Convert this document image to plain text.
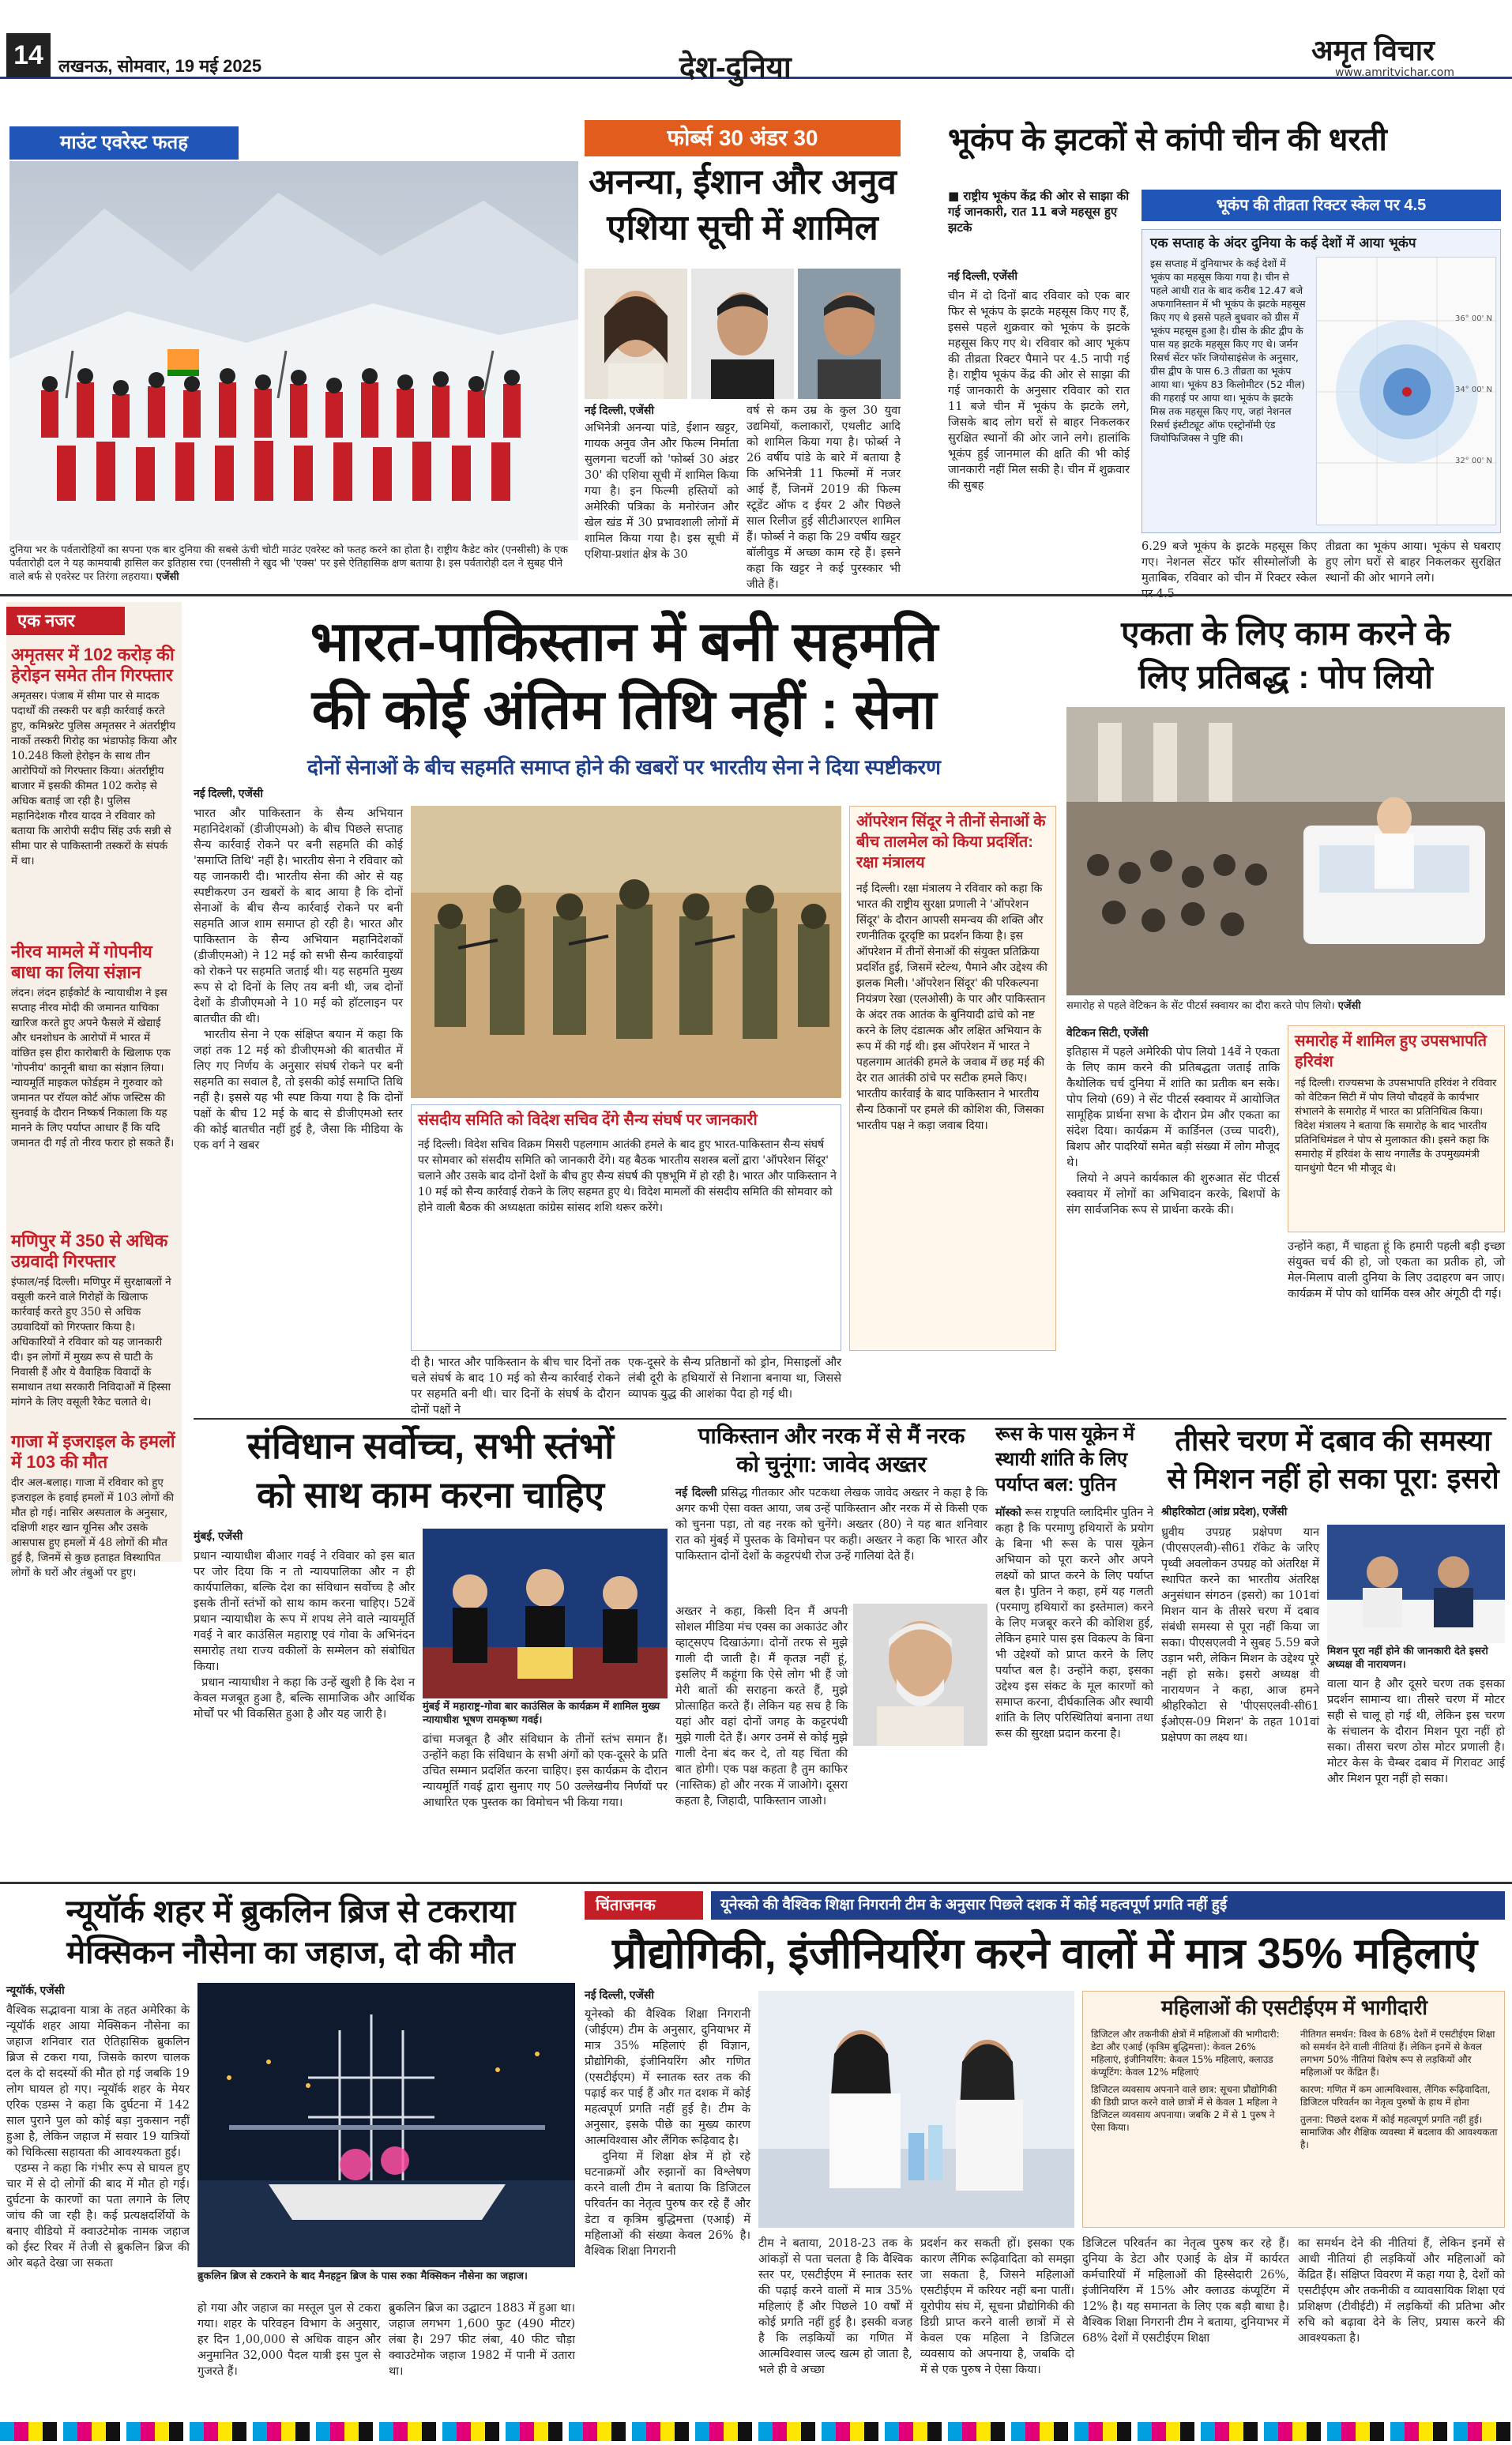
14 लखनऊ, सोमवार, 19 मई 2025	देश-दुनिया
अमृत विचार
www.amritvichar.com
माउंट एवरेस्ट फतह
दुनिया भर के पर्वतारोहियों का सपना एक बार दुनिया की सबसे ऊंची चोटी माउंट एवरेस्ट को फतह करने का होता है। राष्ट्रीय कैडेट कोर (एनसीसी) के एक पर्वतारोही दल ने यह कामयाबी हासिल कर इतिहास रचा (एनसीसी ने खुद भी 'एक्स' पर इसे ऐतिहासिक क्षण बताया है। इस पर्वतारोही दल ने सुबह पीने वाले बर्फ से एवरेस्ट पर तिरंगा लहराया। एजेंसी
फोर्ब्स 30 अंडर 30
अनन्या, ईशान और अनुव
एशिया सूची में शामिल
नई दिल्ली, एजेंसी
अभिनेत्री अनन्या पांडे, ईशान खट्टर, गायक अनुव जैन और फिल्म निर्माता सुलगना चटर्जी को 'फोर्ब्स 30 अंडर 30' की एशिया सूची में शामिल किया गया है। इन फिल्मी हस्तियों को अमेरिकी पत्रिका के मनोरंजन और खेल खंड में 30 प्रभावशाली लोगों में शामिल किया गया है। इस सूची में एशिया-प्रशांत क्षेत्र के 30
वर्ष से कम उम्र के कुल 30 युवा उद्यमियों, कलाकारों, एथलीट आदि को शामिल किया गया है। फोर्ब्स ने 26 वर्षीय पांडे के बारे में बताया है कि अभिनेत्री 11 फिल्मों में नजर आई हैं, जिनमें 2019 की फिल्म स्टूडेंट ऑफ द ईयर 2 और पिछले साल रिलीज हुई सीटीआरएल शामिल हैं। फोर्ब्स ने कहा कि 29 वर्षीय खट्टर बॉलीवुड में अच्छा काम रहे हैं। इसने कहा कि खट्टर ने कई पुरस्कार भी जीते हैं।
भूकंप के झटकों से कांपी चीन की धरती
■ राष्ट्रीय भूकंप केंद्र की ओर से साझा की गई जानकारी, रात 11 बजे महसूस हुए झटके
भूकंप की तीव्रता रिक्टर स्केल पर 4.5
नई दिल्ली, एजेंसी
चीन में दो दिनों बाद रविवार को एक बार फिर से भूकंप के झटके महसूस किए गए हैं, इससे पहले शुक्रवार को भूकंप के झटके महसूस किए गए थे। रविवार को आए भूकंप की तीव्रता रिक्टर पैमाने पर 4.5 नापी गई है। राष्ट्रीय भूकंप केंद्र की ओर से साझा की गई जानकारी के अनुसार रविवार को रात 11 बजे चीन में भूकंप के झटके लगे, जिसके बाद लोग घरों से बाहर निकलकर सुरक्षित स्थानों की ओर जाने लगे। हालांकि भूकंप हुई जानमाल की क्षति की भी कोई जानकारी नहीं मिल सकी है। चीन में शुक्रवार की सुबह
एक सप्ताह के अंदर दुनिया के कई देशों में आया भूकंप
इस सप्ताह में दुनियाभर के कई देशों में भूकंप का महसूस किया गया है। चीन से पहले आधी रात के बाद करीब 12.47 बजे अफगानिस्तान में भी भूकंप के झटके महसूस किए गए थे इससे पहले बुधवार को ग्रीस में भूकंप महसूस हुआ है। ग्रीस के क्रीट द्वीप के पास यह झटके महसूस किए गए थे। जर्मन रिसर्च सेंटर फॉर जियोसाइंसेज के अनुसार, ग्रीस द्वीप के पास 6.3 तीव्रता का भूकंप आया था। भूकंप 83 किलोमीटर (52 मील) की गहराई पर आया था। भूकंप के झटके मिस्र तक महसूस किए गए, जहां नेशनल रिसर्च इंस्टीट्यूट ऑफ एस्ट्रोनॉमी एंड जियोफिजिक्स ने पुष्टि की।
36° 00' N
34° 00' N
32° 00' N
6.29 बजे भूकंप के झटके महसूस किए गए। नेशनल सेंटर फॉर सीस्मोलॉजी के मुताबिक, रविवार को चीन में रिक्टर स्केल
तीव्रता का भूकंप आया। भूकंप से घबराए हुए लोग घरों से बाहर निकलकर सुरक्षित स्थानों की ओर भागने लगे।
एक नजर
अमृतसर में 102 करोड़ की हेरोइन समेत तीन गिरफ्तार
अमृतसर। पंजाब में सीमा पार से मादक पदार्थों की तस्करी पर बड़ी कार्रवाई करते हुए, कमिश्नरेट पुलिस अमृतसर ने अंतर्राष्ट्रीय नार्को तस्करी गिरोह का भंडाफोड़ किया और 10.248 किलो हेरोइन के साथ तीन आरोपियों को गिरफ्तार किया। अंतर्राष्ट्रीय बाजार में इसकी कीमत 102 करोड़ से अधिक बताई जा रही है। पुलिस महानिदेशक गौरव यादव ने रविवार को बताया कि आरोपी सदीप सिंह उर्फ सन्नी से सीमा पार से पाकिस्तानी तस्करों के संपर्क में था।
नीरव मामले में गोपनीय बाधा का लिया संज्ञान
लंदन। लंदन हाईकोर्ट के न्यायाधीश ने इस सप्ताह नीरव मोदी की जमानत याचिका खारिज करते हुए अपने फैसले में खेद्याई और धनशोधन के आरोपों में भारत में वांछित इस हीरा कारोबारी के खिलाफ एक 'गोपनीय' कानूनी बाधा का संज्ञान लिया। न्यायमूर्ति माइकल फोर्डहम ने गुरुवार को जमानत पर रॉयल कोर्ट ऑफ जस्टिस की सुनवाई के दौरान निष्कर्ष निकाला कि यह मानने के लिए पर्याप्त आधार हैं कि यदि जमानत दी गई तो नीरव फरार हो सकते हैं।
मणिपुर में 350 से अधिक उग्रवादी गिरफ्तार
इंफाल/नई दिल्ली। मणिपुर में सुरक्षाबलों ने वसूली करने वाले गिरोहों के खिलाफ कार्रवाई करते हुए 350 से अधिक उग्रवादियों को गिरफ्तार किया है। अधिकारियों ने रविवार को यह जानकारी दी। इन लोगों में मुख्य रूप से घाटी के निवासी हैं और ये वैवाहिक विवादों के समाधान तथा सरकारी निविदाओं में हिस्सा मांगने के लिए वसूली रैकेट चलाते थे।
गाजा में इजराइल के हमलों में 103 की मौत
दीर अल-बलाह। गाजा में रविवार को हुए इजराइल के हवाई हमलों में 103 लोगों की मौत हो गई। नासिर अस्पताल के अनुसार, दक्षिणी शहर खान यूनिस और उसके आसपास हुए हमलों में 48 लोगों की मौत हुई है, जिनमें से कुछ हताहत विस्थापित लोगों के घरों और तंबुओं पर हुए।
भारत-पाकिस्तान में बनी सहमति
की कोई अंतिम तिथि नहीं : सेना
दोनों सेनाओं के बीच सहमति समाप्त होने की खबरों पर भारतीय सेना ने दिया स्पष्टीकरण
नई दिल्ली, एजेंसी
भारत और पाकिस्तान के सैन्य अभियान महानिदेशकों (डीजीएमओ) के बीच पिछले सप्ताह सैन्य कार्रवाई रोकने पर बनी सहमति की कोई 'समाप्ति तिथि' नहीं है। भारतीय सेना ने रविवार को यह जानकारी दी। भारतीय सेना की ओर से यह स्पष्टीकरण उन खबरों के बाद आया है कि दोनों सेनाओं के बीच सैन्य कार्रवाई रोकने पर बनी सहमति आज शाम समाप्त हो रही है। भारत और पाकिस्तान के सैन्य अभियान महानिदेशकों (डीजीएमओ) ने 12 मई को सभी सैन्य कार्रवाइयों को रोकने पर सहमति जताई थी। यह सहमति मुख्य रूप से दो दिनों के लिए तय बनी थी, जब दोनों देशों के डीजीएमओ ने 10 मई को हॉटलाइन पर बातचीत की थी।
भारतीय सेना ने एक संक्षिप्त बयान में कहा कि जहां तक 12 मई को डीजीएमओ की बातचीत में लिए गए निर्णय के अनुसार संघर्ष रोकने पर बनी सहमति का सवाल है, तो इसकी कोई समाप्ति तिथि नहीं है। इससे यह भी स्पष्ट किया गया है कि दोनों पक्षों के बीच 12 मई के बाद से डीजीएमओ स्तर की कोई बातचीत नहीं हुई है, जैसा कि मीडिया के एक वर्ग ने खबर
ऑपरेशन सिंदूर ने तीनों सेनाओं के बीच तालमेल को किया प्रदर्शित: रक्षा मंत्रालय
नई दिल्ली। रक्षा मंत्रालय ने रविवार को कहा कि भारत की राष्ट्रीय सुरक्षा प्रणाली ने 'ऑपरेशन सिंदूर' के दौरान आपसी समन्वय की शक्ति और रणनीतिक दूरदृष्टि का प्रदर्शन किया है। इस ऑपरेशन में तीनों सेनाओं की संयुक्त प्रतिक्रिया प्रदर्शित हुई, जिसमें स्टेल्थ, पैमाने और उद्देश्य की झलक मिली। 'ऑपरेशन सिंदूर' की परिकल्पना नियंत्रण रेखा (एलओसी) के पार और पाकिस्तान के अंदर तक आतंक के बुनियादी ढांचे को नष्ट करने के लिए दंडात्मक और लक्षित अभियान के रूप में की गई थी। इस ऑपरेशन में भारत ने पहलगाम आतंकी हमले के जवाब में छह मई की देर रात आतंकी ठांचे पर सटीक हमले किए। भारतीय कार्रवाई के बाद पाकिस्तान ने भारतीय सैन्य ठिकानों पर हमले की कोशिश की, जिसका भारतीय पक्ष ने कड़ा जवाब दिया।
संसदीय समिति को विदेश सचिव देंगे सैन्य संघर्ष पर जानकारी
नई दिल्ली। विदेश सचिव विक्रम मिसरी पहलगाम आतंकी हमले के बाद हुए भारत-पाकिस्तान सैन्य संघर्ष पर सोमवार को संसदीय समिति को जानकारी देंगे। यह बैठक भारतीय सशस्त्र बलों द्वारा 'ऑपरेशन सिंदूर' चलाने और उसके बाद दोनों देशों के बीच हुए सैन्य संघर्ष की पृष्ठभूमि में हो रही है। भारत और पाकिस्तान ने 10 मई को सैन्य कार्रवाई रोकने के लिए सहमत हुए थे। विदेश मामलों की संसदीय समिति की सोमवार को होने वाली बैठक की अध्यक्षता कांग्रेस सांसद शशि थरूर करेंगे।
दी है। भारत और पाकिस्तान के बीच चार दिनों तक चले संघर्ष के बाद 10 मई को सैन्य कार्रवाई रोकने पर सहमति बनी थी। चार दिनों के संघर्ष के दौरान दोनों पक्षों ने
एक-दूसरे के सैन्य प्रतिष्ठानों को ड्रोन, मिसाइलों और लंबी दूरी के हथियारों से निशाना बनाया था, जिससे व्यापक युद्ध की आशंका पैदा हो गई थी।
एकता के लिए काम करने के
लिए प्रतिबद्ध : पोप लियो
समारोह से पहले वेटिकन के सेंट पीटर्स स्क्वायर का दौरा करते पोप लियो। एजेंसी
वेटिकन सिटी, एजेंसी
इतिहास में पहले अमेरिकी पोप लियो 14वें ने एकता के लिए काम करने की प्रतिबद्धता जताई ताकि कैथोलिक चर्च दुनिया में शांति का प्रतीक बन सके। पोप लियो (69) ने सेंट पीटर्स स्क्वायर में आयोजित सामूहिक प्रार्थना सभा के दौरान प्रेम और एकता का संदेश दिया। कार्यक्रम में कार्डिनल (उच्च पादरी), बिशप और पादरियों समेत बड़ी संख्या में लोग मौजूद थे।
लियो ने अपने कार्यकाल की शुरुआत सेंट पीटर्स स्क्वायर में लोगों का अभिवादन करके, बिशपों के संग सार्वजनिक रूप से प्रार्थना करके की।
समारोह में शामिल हुए उपसभापति हरिवंश
नई दिल्ली। राज्यसभा के उपसभापति हरिवंश ने रविवार को वेटिकन सिटी में पोप लियो चौदहवें के कार्यभार संभालने के समारोह में भारत का प्रतिनिधित्व किया। विदेश मंत्रालय ने बताया कि समारोह के बाद भारतीय प्रतिनिधिमंडल ने पोप से मुलाकात की। इसने कहा कि समारोह में हरिवंश के साथ नगालैंड के उपमुख्यमंत्री यानथुंगो पैटन भी मौजूद थे।
उन्होंने कहा, मैं चाहता हूं कि हमारी पहली बड़ी इच्छा संयुक्त चर्च की हो, जो एकता का प्रतीक हो, जो मेल-मिलाप वाली दुनिया के लिए उदाहरण बन जाए। कार्यक्रम में पोप को धार्मिक वस्त्र और अंगूठी दी गई।
संविधान सर्वोच्च, सभी स्तंभों
को साथ काम करना चाहिए
मुंबई, एजेंसी
प्रधान न्यायाधीश बीआर गवई ने रविवार को इस बात पर जोर दिया कि न तो न्यायपालिका और न ही कार्यपालिका, बल्कि देश का संविधान सर्वोच्च है और इसके तीनों स्तंभों को साथ काम करना चाहिए। 52वें प्रधान न्यायाधीश के रूप में शपथ लेने वाले न्यायमूर्ति गवई ने बार काउंसिल महाराष्ट्र एवं गोवा के अभिनंदन समारोह तथा राज्य वकीलों के सम्मेलन को संबोधित किया।
प्रधान न्यायाधीश ने कहा कि उन्हें खुशी है कि देश न केवल मजबूत हुआ है, बल्कि सामाजिक और आर्थिक मोर्चों पर भी विकसित हुआ है और यह जारी है।
मुंबई में महाराष्ट्र-गोवा बार काउंसिल के कार्यक्रम में शामिल मुख्य न्यायाधीश भूषण रामकृष्ण गवई।
ढांचा मजबूत है और संविधान के तीनों स्तंभ समान हैं। उन्होंने कहा कि संविधान के सभी अंगों को एक-दूसरे के प्रति उचित सम्मान प्रदर्शित करना चाहिए। इस कार्यक्रम के दौरान न्यायमूर्ति गवई द्वारा सुनाए गए 50 उल्लेखनीय निर्णयों पर आधारित एक पुस्तक का विमोचन भी किया गया।
पाकिस्तान और नरक में से मैं नरक
को चुनूंगा: जावेद अख्तर
नई दिल्ली प्रसिद्ध गीतकार और पटकथा लेखक जावेद अख्तर ने कहा है कि अगर कभी ऐसा वक्त आया, जब उन्हें पाकिस्तान और नरक में से किसी एक को चुनना पड़ा, तो वह नरक को चुनेंगे। अख्तर (80) ने यह बात शनिवार रात को मुंबई में पुस्तक के विमोचन पर कही। अख्तर ने कहा कि भारत और पाकिस्तान दोनों देशों के कट्टरपंथी रोज उन्हें गालियां देते हैं।
अख्तर ने कहा, किसी दिन मैं अपनी सोशल मीडिया मंच एक्स का अकाउंट और व्हाट्सएप दिखाऊंगा। दोनों तरफ से मुझे गाली दी जाती है। मैं कृतज्ञ नहीं हूं, इसलिए मैं कहूंगा कि ऐसे लोग भी हैं जो मेरी बातों की सराहना करते हैं, मुझे प्रोत्साहित करते हैं। लेकिन यह सच है कि यहां और वहां दोनों जगह के कट्टरपंथी मुझे गाली देते हैं। अगर उनमें से कोई मुझे गाली देना बंद कर दे, तो यह चिंता की बात होगी। एक पक्ष कहता है तुम काफिर (नास्तिक) हो और नरक में जाओगे। दूसरा कहता है, जिहादी, पाकिस्तान जाओ।
रूस के पास यूक्रेन में स्थायी शांति के लिए पर्याप्त बल: पुतिन
मॉस्को रूस राष्ट्रपति व्लादिमीर पुतिन ने कहा है कि परमाणु हथियारों के प्रयोग के बिना भी रूस के पास यूक्रेन अभियान को पूरा करने और अपने लक्ष्यों को प्राप्त करने के लिए पर्याप्त बल है। पुतिन ने कहा, हमें यह गलती (परमाणु हथियारों का इस्तेमाल) करने के लिए मजबूर करने की कोशिश हुई, लेकिन हमारे पास इस विकल्प के बिना भी उद्देश्यों को प्राप्त करने के लिए पर्याप्त बल है। उन्होंने कहा, इसका उद्देश्य इस संकट के मूल कारणों को समाप्त करना, दीर्घकालिक और स्थायी शांति के लिए परिस्थितियां बनाना तथा रूस की सुरक्षा प्रदान करना है।
तीसरे चरण में दबाव की समस्या
से मिशन नहीं हो सका पूरा: इसरो
श्रीहरिकोटा (आंध्र प्रदेश), एजेंसी
ध्रुवीय उपग्रह प्रक्षेपण यान (पीएसएलवी)-सी61 रॉकेट के जरिए पृथ्वी अवलोकन उपग्रह को अंतरिक्ष में स्थापित करने का भारतीय अंतरिक्ष अनुसंधान संगठन (इसरो) का 101वां मिशन यान के तीसरे चरण में दबाव संबंधी समस्या से पूरा नहीं किया जा सका। पीएसएलवी ने सुबह 5.59 बजे उड़ान भरी, लेकिन मिशन के उद्देश्य पूरे नहीं हो सके। इसरो अध्यक्ष वी नारायणन ने कहा, आज हमने श्रीहरिकोटा से 'पीएसएलवी-सी61 ईओएस-09 मिशन' के तहत 101वां प्रक्षेपण का लक्ष्य था।
मिशन पूरा नहीं होने की जानकारी देते इसरो अध्यक्ष वी नारायणन।
वाला यान है और दूसरे चरण तक इसका प्रदर्शन सामान्य था। तीसरे चरण में मोटर सही से चालू हो गई थी, लेकिन इस चरण के संचालन के दौरान मिशन पूरा नहीं हो सका। तीसरा चरण ठोस मोटर प्रणाली है। मोटर केस के चैम्बर दबाव में गिरावट आई और मिशन पूरा नहीं हो सका।
न्यूयॉर्क शहर में ब्रुकलिन ब्रिज से टकराया
मेक्सिकन नौसेना का जहाज, दो की मौत
न्यूयॉर्क, एजेंसी
वैश्विक सद्भावना यात्रा के तहत अमेरिका के न्यूयॉर्क शहर आया मेक्सिकन नौसेना का जहाज शनिवार रात ऐतिहासिक ब्रुकलिन ब्रिज से टकरा गया, जिसके कारण चालक दल के दो सदस्यों की मौत हो गई जबकि 19 लोग घायल हो गए। न्यूयॉर्क शहर के मेयर एरिक एडम्स ने कहा कि दुर्घटना में 142 साल पुराने पुल को कोई बड़ा नुकसान नहीं हुआ है, लेकिन जहाज में सवार 19 यात्रियों को चिकित्सा सहायता की आवश्यकता हुई।
एडम्स ने कहा कि गंभीर रूप से घायल हुए चार में से दो लोगों की बाद में मौत हो गई। दुर्घटना के कारणों का पता लगाने के लिए जांच की जा रही है। कई प्रत्यक्षदर्शियों के बनाए वीडियो में क्वाउटेमोक नामक जहाज को ईस्ट रिवर में तेजी से ब्रुकलिन ब्रिज की ओर बढ़ते देखा जा सकता
ब्रुकलिन ब्रिज से टकराने के बाद मैनहट्टन ब्रिज के पास रुका मैक्सिकन नौसेना का जहाज।
हो गया और जहाज का मस्तूल पुल से टकरा गया। शहर के परिवहन विभाग के अनुसार, हर दिन 1,00,000 से अधिक वाहन और अनुमानित 32,000 पैदल यात्री इस पुल से गुजरते हैं।
ब्रुकलिन ब्रिज का उद्घाटन 1883 में हुआ था। जहाज लगभग 1,600 फुट (490 मीटर) लंबा है। 297 फीट लंबा, 40 फीट चौड़ा क्वाउटेमोक जहाज 1982 में पानी में उतारा था।
चिंताजनक	यूनेस्को की वैश्विक शिक्षा निगरानी टीम के अनुसार पिछले दशक में कोई महत्वपूर्ण प्रगति नहीं हुई
प्रौद्योगिकी, इंजीनियरिंग करने वालों में मात्र 35% महिलाएं
नई दिल्ली, एजेंसी
यूनेस्को की वैश्विक शिक्षा निगरानी (जीईएम) टीम के अनुसार, दुनियाभर में मात्र 35% महिलाएं ही विज्ञान, प्रौद्योगिकी, इंजीनियरिंग और गणित (एसटीईएम) में स्नातक स्तर तक की पढ़ाई कर पाई हैं और गत दशक में कोई महत्वपूर्ण प्रगति नहीं हुई है। टीम के अनुसार, इसके पीछे का मुख्य कारण आत्मविश्वास और लैंगिक रूढ़िवाद है।
दुनिया में शिक्षा क्षेत्र में हो रहे घटनाक्रमों और रुझानों का विश्लेषण करने वाली टीम ने बताया कि डिजिटल परिवर्तन का नेतृत्व पुरुष कर रहे हैं और डेटा व कृत्रिम बुद्धिमत्ता (एआई) में महिलाओं की संख्या केवल 26% है। वैश्विक शिक्षा निगरानी
टीम ने बताया, 2018-23 तक के आंकड़ों से पता चलता है कि वैश्विक स्तर पर, एसटीईएम में स्नातक स्तर की पढ़ाई करने वालों में मात्र 35% महिलाएं हैं और पिछले 10 वर्षों में कोई प्रगति नहीं हुई है। इसकी वजह है कि लड़कियों का गणित में आत्मविश्वास जल्द खत्म हो जाता है, भले ही वे अच्छा
प्रदर्शन कर सकती हों। इसका एक कारण लैंगिक रूढ़िवादिता को समझा जा सकता है, जिसने महिलाओं एसटीईएम में करियर नहीं बना पातीं। यूरोपीय संघ में, सूचना प्रौद्योगिकी की डिग्री प्राप्त करने वाली छात्रों में से केवल एक महिला ने डिजिटल व्यवसाय को अपनाया है, जबकि दो में से एक पुरुष ने ऐसा किया।
महिलाओं की एसटीईएम में भागीदारी

डिजिटल और तकनीकी क्षेत्रों में महिलाओं की भागीदारी: डेटा और एआई (कृत्रिम बुद्धिमत्ता): केवल 26% महिलाएं, इंजीनियरिंग: केवल 15% महिलाएं, क्लाउड कंप्यूटिंग: केवल 12% महिलाएं

डिजिटल व्यवसाय अपनाने वाले छात्र: सूचना प्रौद्योगिकी की डिग्री प्राप्त करने वाले छात्रों में से केवल 1 महिला ने डिजिटल व्यवसाय अपनाया। जबकि 2 में से 1 पुरुष ने ऐसा किया।

नीतिगत समर्थन: विश्व के 68% देशों में एसटीईएम शिक्षा को समर्थन देने वाली नीतियां हैं। लेकिन इनमें से केवल लगभग 50% नीतियां विशेष रूप से लड़कियों और महिलाओं पर केंद्रित हैं।

कारण: गणित में कम आत्मविश्वास, लैंगिक रूढ़िवादिता, डिजिटल परिवर्तन का नेतृत्व पुरुषों के हाथ में होना

तुलना: पिछले दशक में कोई महत्वपूर्ण प्रगति नहीं हुई। सामाजिक और शैक्षिक व्यवस्था में बदलाव की आवश्यकता है।

डिजिटल परिवर्तन का नेतृत्व पुरुष कर रहे हैं। दुनिया के डेटा और एआई के क्षेत्र में कार्यरत कर्मचारियों में महिलाओं की हिस्सेदारी 26%, इंजीनियरिंग में 15% और क्लाउड कंप्यूटिंग में 12% है। यह समानता के लिए एक बड़ी बाधा है। वैश्विक शिक्षा निगरानी टीम ने बताया, दुनियाभर में 68% देशों में एसटीईएम शिक्षा
का समर्थन देने की नीतियां हैं, लेकिन इनमें से आधी नीतियां ही लड़कियों और महिलाओं को केंद्रित हैं। संक्षिप्त विवरण में कहा गया है, देशों को एसटीईएम और तकनीकी व व्यावसायिक शिक्षा एवं प्रशिक्षण (टीवीईटी) में लड़कियों की प्रतिभा और रुचि को बढ़ावा देने के लिए, प्रयास करने की आवश्यकता है।
